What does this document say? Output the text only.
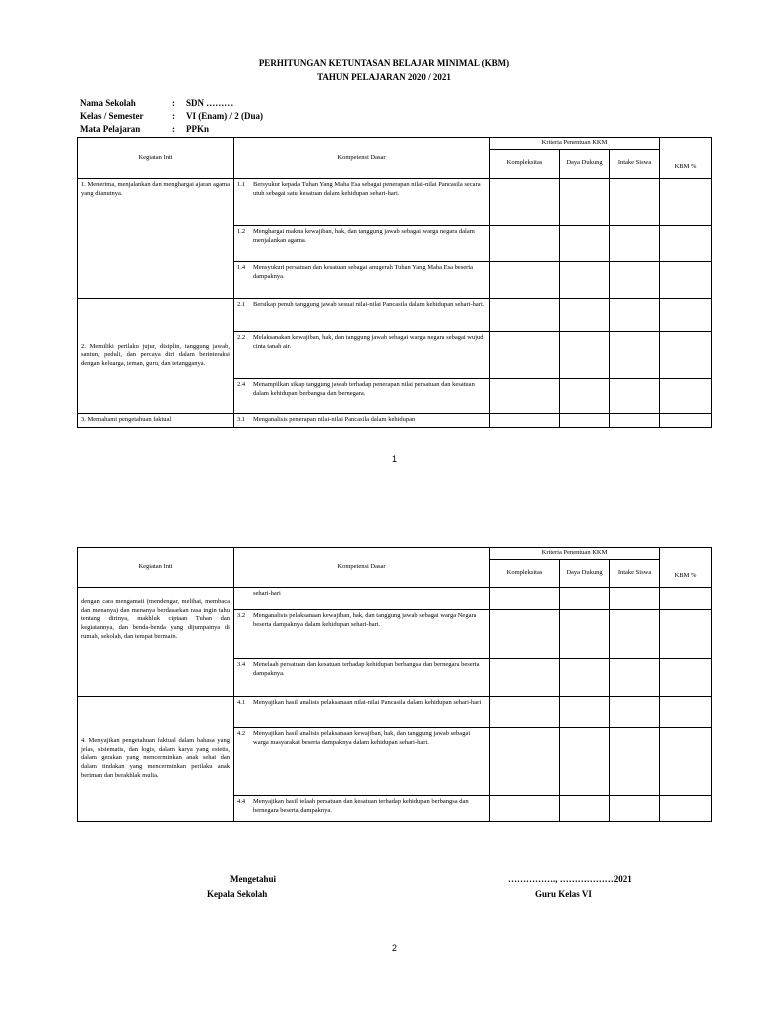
PERHITUNGAN KETUNTASAN BELAJAR MINIMAL (KBM)
TAHUN PELAJARAN 2020 / 2021
Nama Sekolah	: SDN ………
Kelas / Semester	: VI (Enam) / 2 (Dua)
Mata Pelajaran	: PPKn
Kegiatan Inti	Kompetensi Dasar	Kriteria Penentuan KKM			KBM %
		Kompleksitas	Daya Dukung	Intake Siswa	
1. Menerima, menjalankan dan menghargai ajaran agama yang dianutnya.	1.1 Bersyukur kepada Tuhan Yang Maha Esa sebagai penerapan nilai-nilai Pancasila secara utuh sebagai satu kesatuan dalam kehidupan sehari-hari.				

	1.2 Menghargai makna kewajiban, hak, dan tanggung jawab sebagai warga negara dalam menjalankan agama.				

	1.4 Mensyukuri persatuan dan kesatuan sebagai anugerah Tuhan Yang Maha Esa beserta dampaknya.				

2. Memiliki perilaku jujur, disiplin, tanggung jawab, santun, peduli, dan percaya diri dalam berinteraksi dengan keluarga, teman, guru, dan tetangganya.	2.1 Bersikap penuh tanggung jawab sesuai nilai-nilai Pancasila dalam kehidupan sehari-hari.				

	2.2 Melaksanakan kewajiban, hak, dan tanggung jawab sebagai warga negara sebagai wujud cinta tanah air.				

	2.4 Menampilkan sikap tanggung jawab terhadap penerapan nilai persatuan dan kesatuan dalam kehidupan berbangsa dan bernegara.				

3. Memahami pengetahuan faktual	3.1 Menganalisis penerapan nilai-nilai Pancasila dalam kehidupan				

1
Kegiatan Inti	Kompetensi Dasar	Kriteria Penentuan KKM			KBM %
		Kompleksitas	Daya Dukung	Intake Siswa	
dengan cara mengamati (mendengar, melihat, membaca dan menanya) dan menanya berdasarkan rasa ingin tahu tentang dirinya, makhluk ciptaan Tuhan dan kegiatannya, dan benda-benda yang dijumpainya di rumah, sekolah, dan tempat bermain.	sehari-hari				

	3.2 Menganalisis pelaksanaan kewajiban, hak, dan tanggung jawab sebagai warga Negara beserta dampaknya dalam kehidupan sehari-hari.				

	3.4 Menelaah persatuan dan kesatuan terhadap kehidupan berbangsa dan bernegara beserta dampaknya.				

4. Menyajikan pengetahuan faktual dalam bahasa yang jelas, sistematis, dan logis, dalam karya yang estetis, dalam gerakan yang mencerminkan anak sehat dan dalam tindakan yang mencerminkan perilaku anak beriman dan berakhlak mulia.	4.1 Menyajikan hasil analisis pelaksanaan nilai-nilai Pancasila dalam kehidupan sehari-hari				

	4.2 Menyajikan hasil analisis pelaksanaan kewajiban, hak, dan tanggung jawab sebagai warga masyarakat beserta dampaknya dalam kehidupan sehari-hari.				

	4.4 Menyajikan hasil telaah persatuan dan kesatuan terhadap kehidupan berbangsa dan bernegara beserta dampaknya.				

Mengetahui
Kepala Sekolah
……………., ………………2021
Guru Kelas VI
2
